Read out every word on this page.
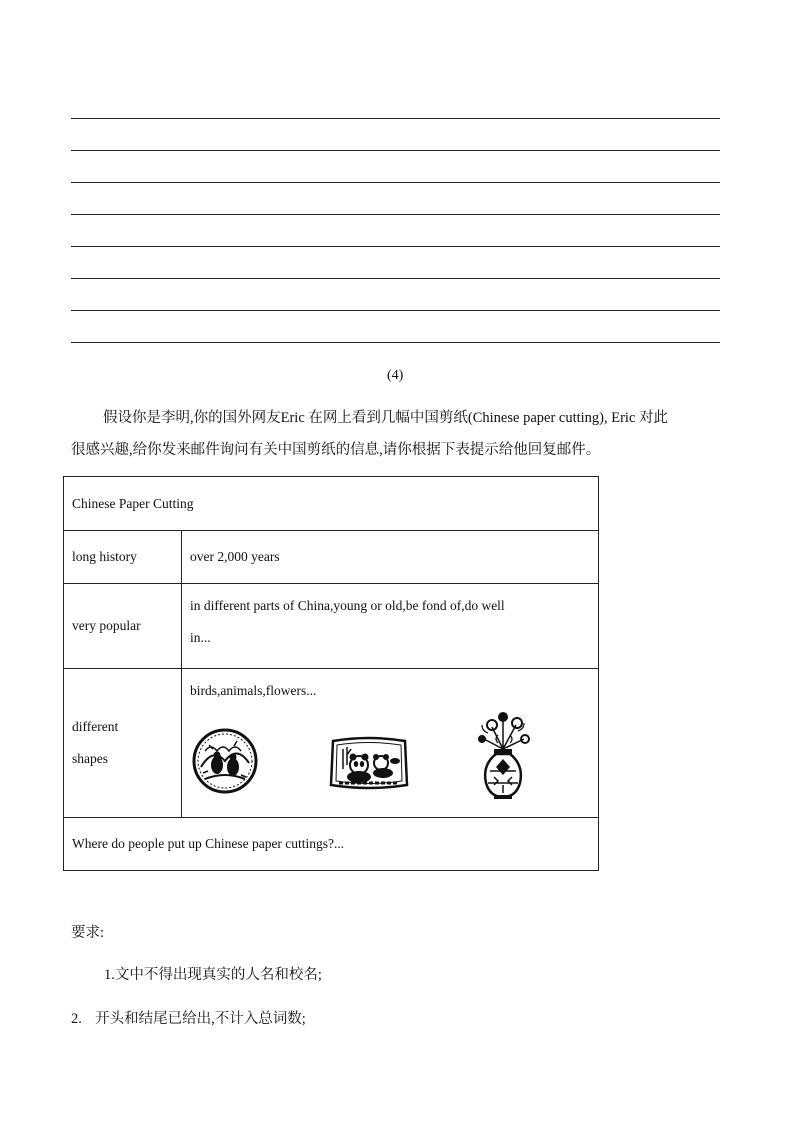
(4)
假设你是李明,你的国外网友Eric 在网上看到几幅中国剪纸(Chinese paper cutting), Eric 对此
很感兴趣,给你发来邮件询问有关中国剪纸的信息,请你根据下表提示给他回复邮件。
Chinese Paper Cutting	
long history	over 2,000 years
very popular	in different parts of China,young or old,be fond of,do well
in...

different
shapes	birds,animals,flowers...

Where do people put up Chinese paper cuttings?...	
要求:
1.文中不得出现真实的人名和校名;
2. 开头和结尾已给出,不计入总词数;
